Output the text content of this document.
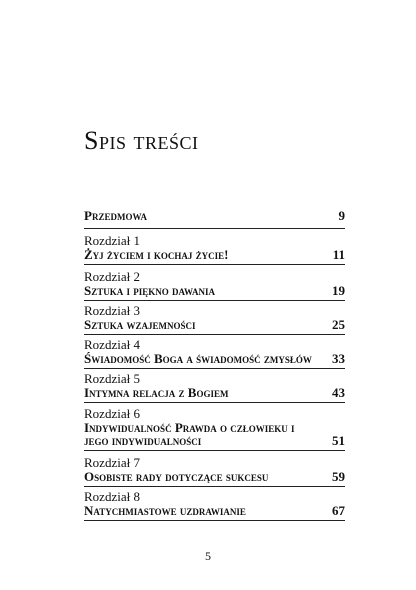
Spis treści
Przedmowa	9
Rozdział 1
Żyj życiem i kochaj życie!	11
Rozdział 2
Sztuka i piękno dawania	19
Rozdział 3
Sztuka wzajemności	25
Rozdział 4
Świadomość Boga a świadomość zmysłów 33
Rozdział 5
Intymna relacja z Bogiem	43
Rozdział 6
Indywidualność Prawda o człowieku i jego indywidualności	51
Rozdział 7
Osobiste rady dotyczące sukcesu	59
Rozdział 8
Natychmiastowe uzdrawianie	67
5
